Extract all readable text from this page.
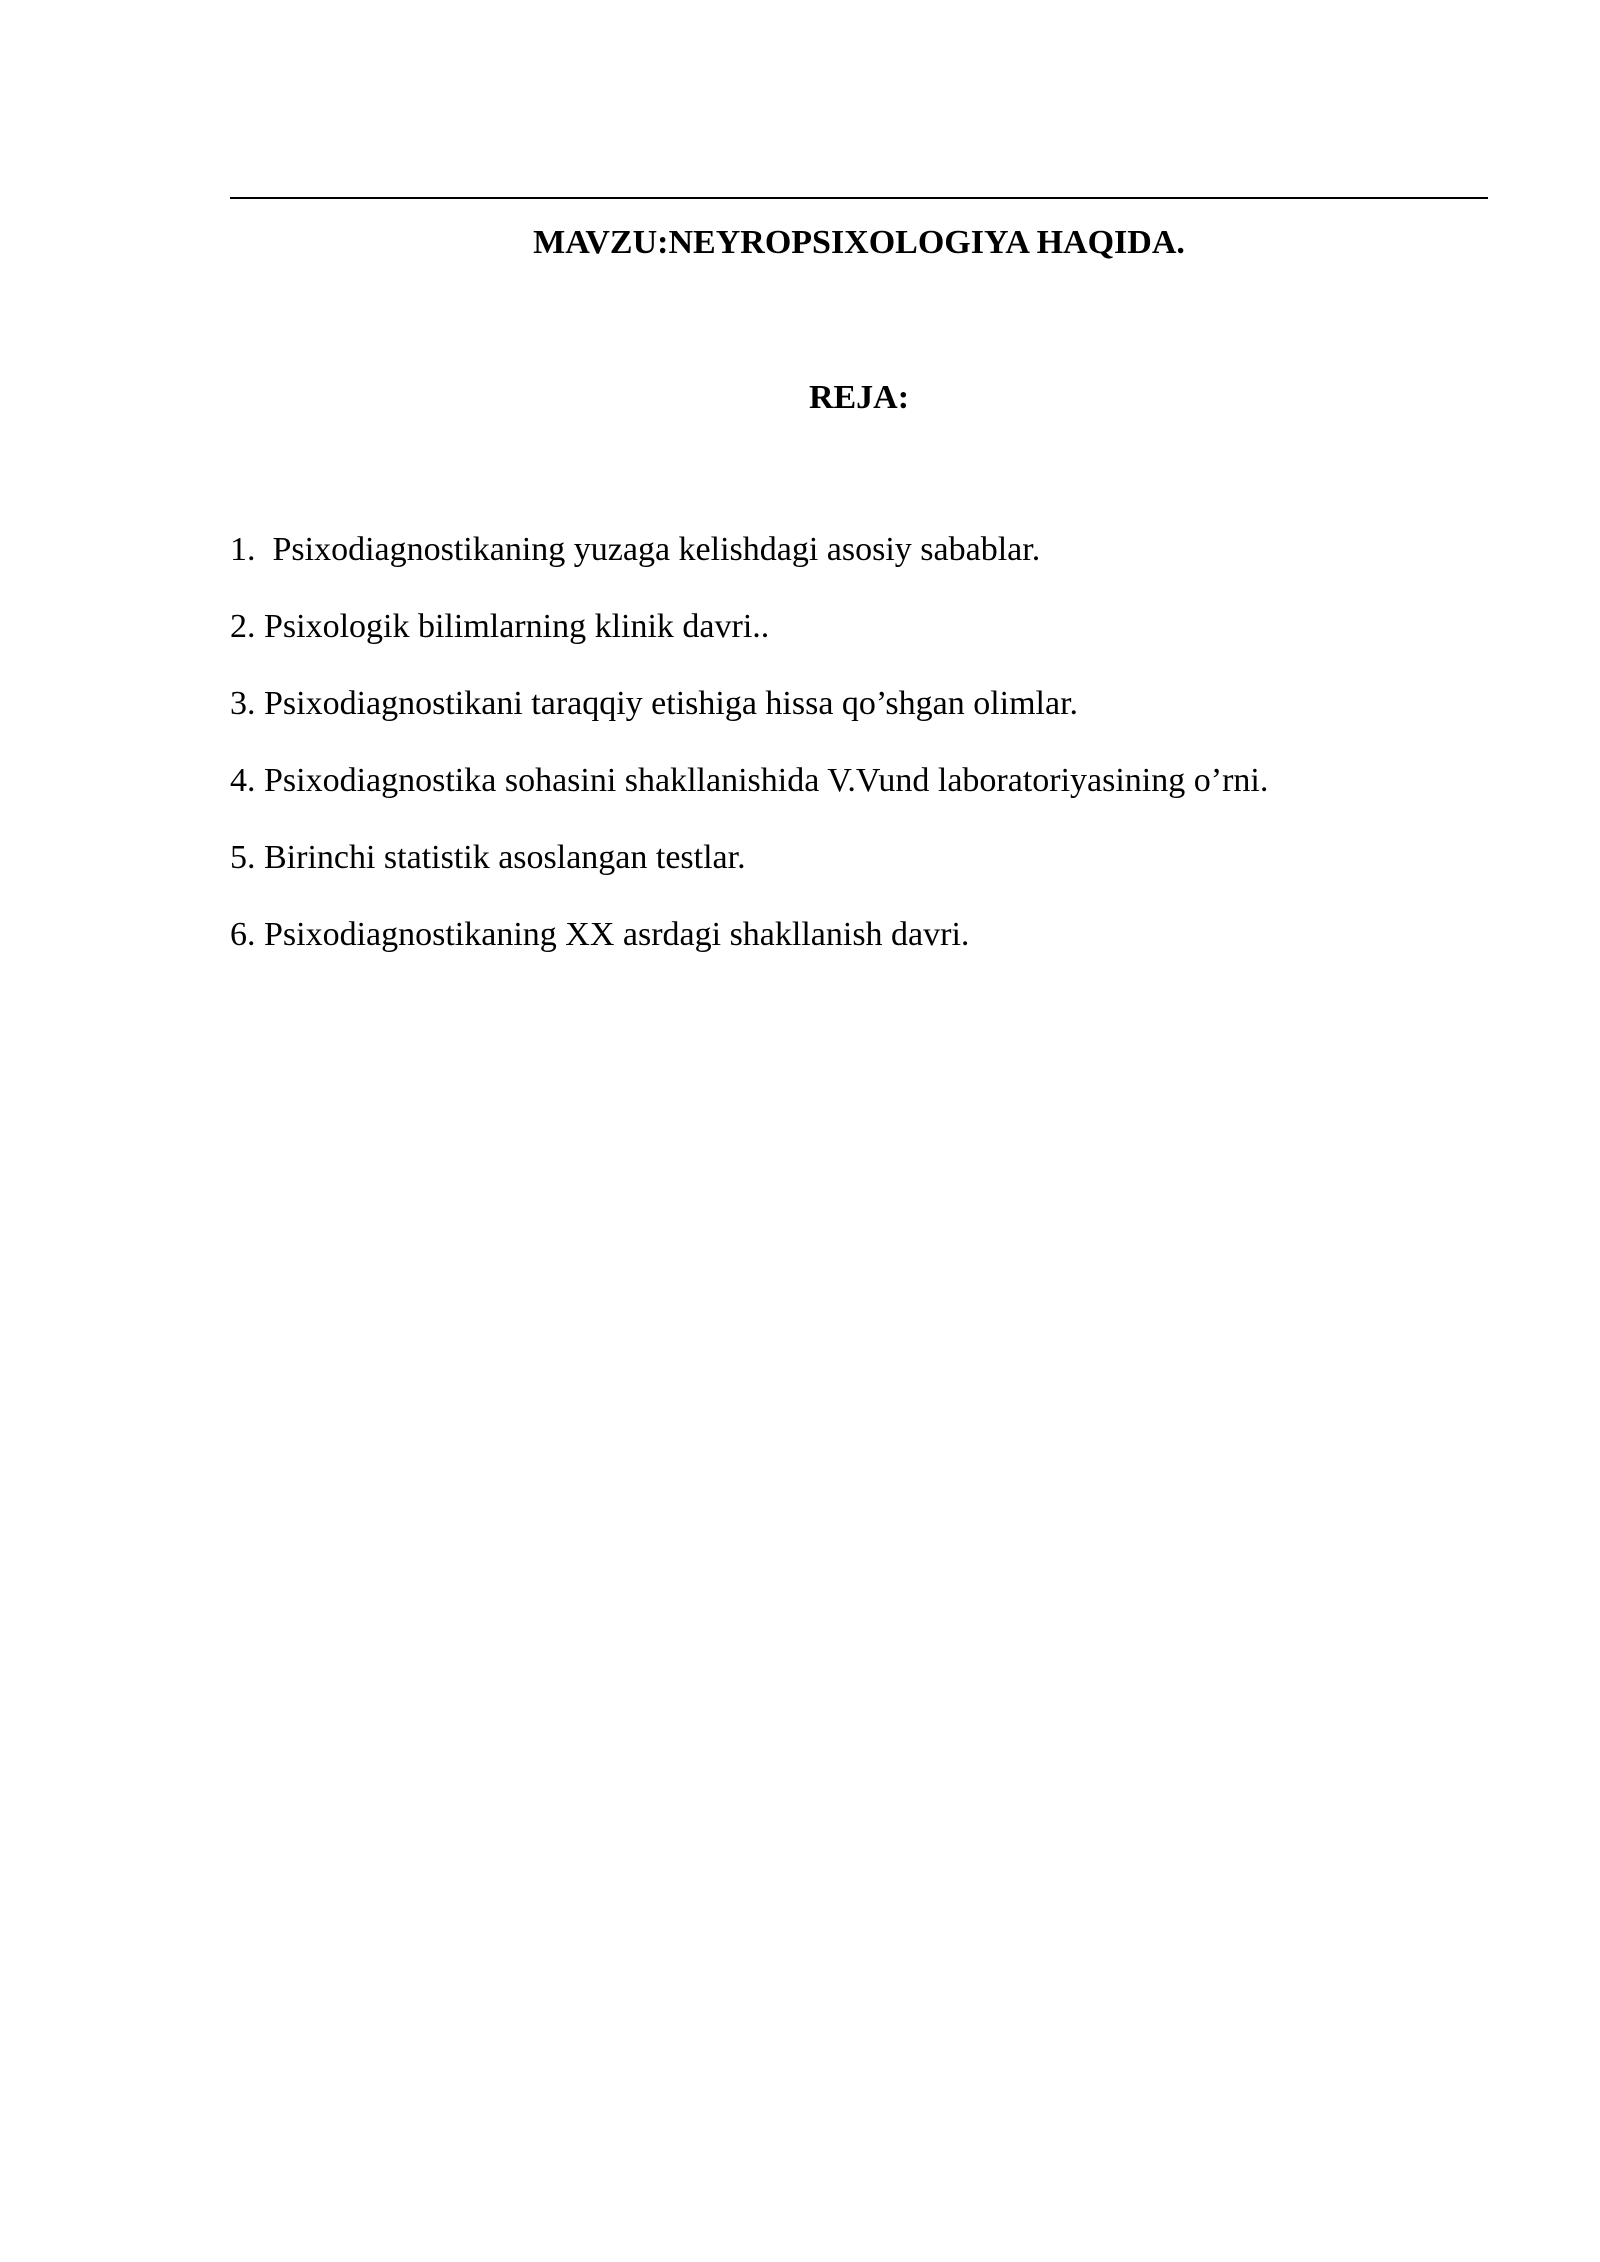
MAVZU:NEYROPSIXOLOGIYA HAQIDA.
REJA:
1.  Psixodiagnostikaning yuzaga kelishdagi asosiy sabablar.
2. Psixologik bilimlarning klinik davri..
3. Psixodiagnostikani taraqqiy etishiga hissa qo’shgan olimlar.
4. Psixodiagnostika sohasini shakllanishida V.Vund laboratoriyasining o’rni.
5. Birinchi statistik asoslangan testlar.
6. Psixodiagnostikaning XX asrdagi shakllanish davri.
